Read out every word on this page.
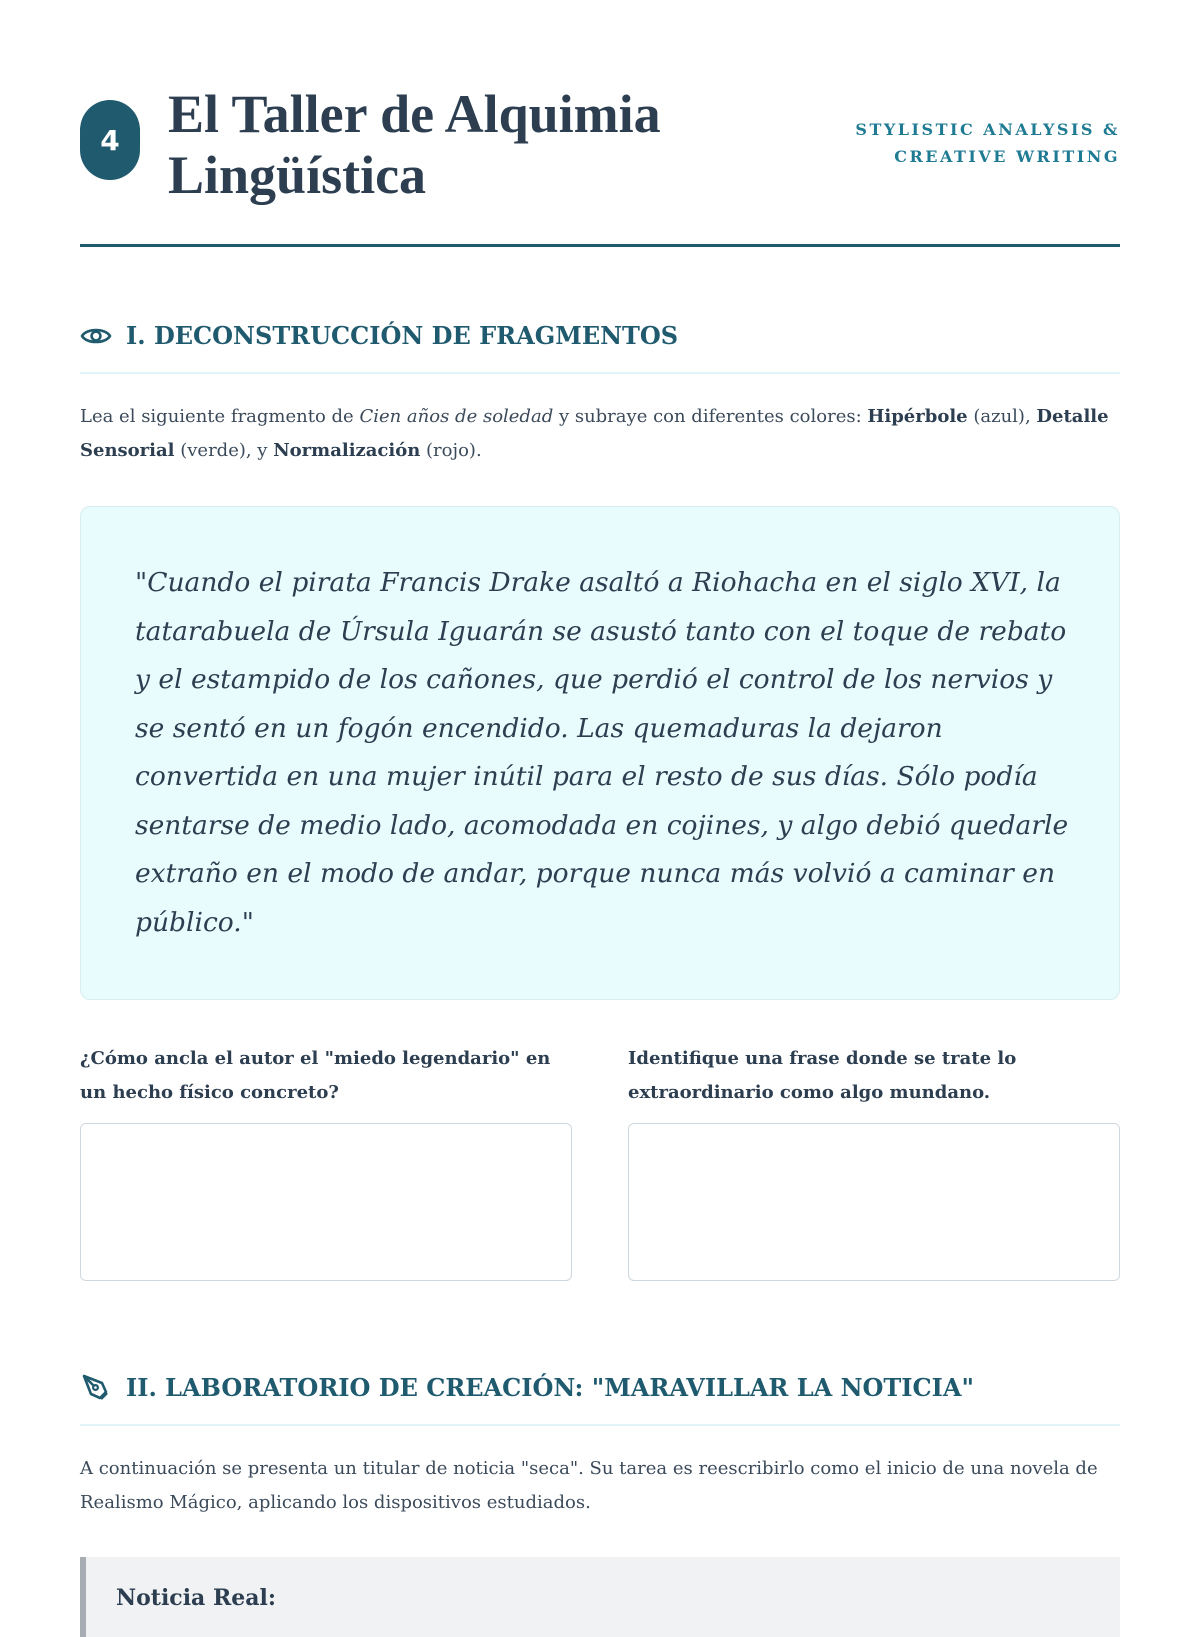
4 El Taller de Alquimia Lingüística
STYLISTIC ANALYSIS & CREATIVE WRITING
I. DECONSTRUCCIÓN DE FRAGMENTOS

Lea el siguiente fragmento de Cien años de soledad y subraye con diferentes colores: Hipérbole (azul), Detalle Sensorial (verde), y Normalización (rojo).

"Cuando el pirata Francis Drake asaltó a Riohacha en el siglo XVI, la tatarabuela de Úrsula Iguarán se asustó tanto con el toque de rebato y el estampido de los cañones, que perdió el control de los nervios y se sentó en un fogón encendido. Las quemaduras la dejaron convertida en una mujer inútil para el resto de sus días. Sólo podía sentarse de medio lado, acomodada en cojines, y algo debió quedarle extraño en el modo de andar, porque nunca más volvió a caminar en público."

¿Cómo ancla el autor el "miedo legendario" en un hecho físico concreto?

Identifique una frase donde se trate lo extraordinario como algo mundano.

II. LABORATORIO DE CREACIÓN: "MARAVILLAR LA NOTICIA"

A continuación se presenta un titular de noticia "seca". Su tarea es reescribirlo como el inicio de una novela de Realismo Mágico, aplicando los dispositivos estudiados.

Noticia Real:
